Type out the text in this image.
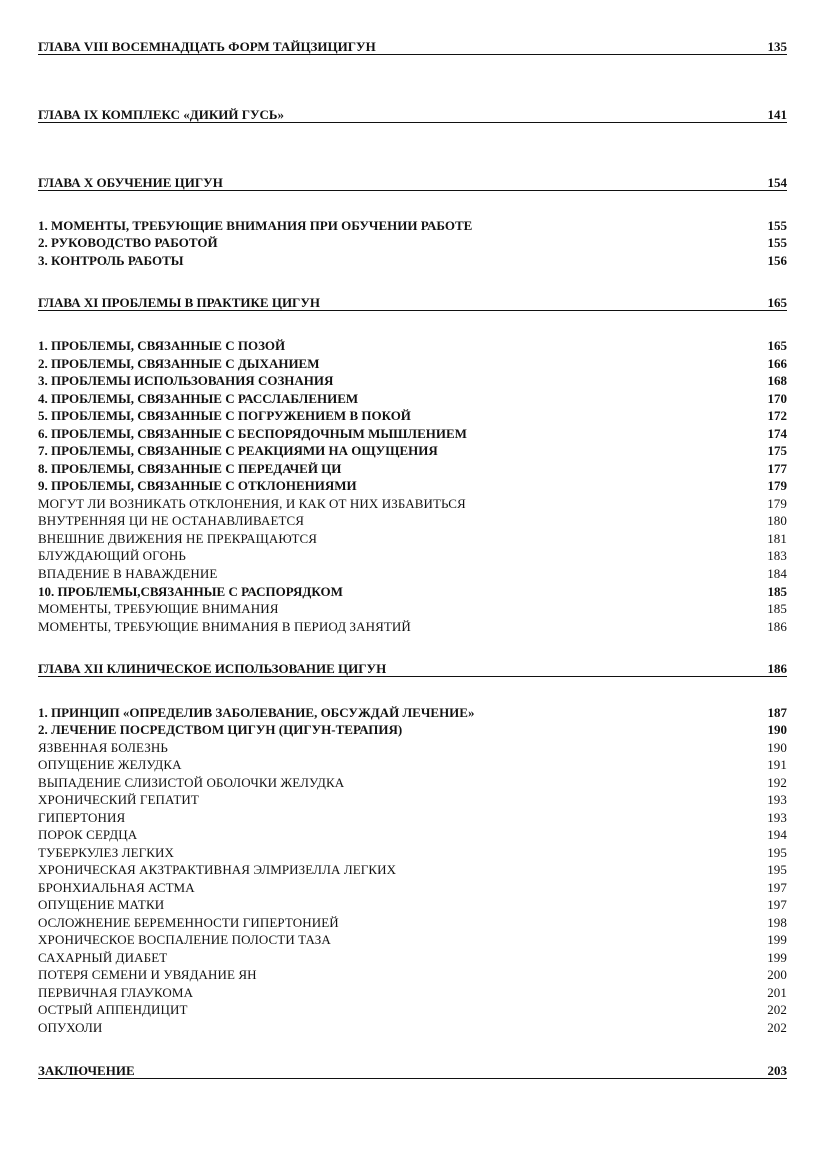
ГЛАВА VIII ВОСЕМНАДЦАТЬ ФОРМ ТАЙЦЗИЦИГУН	135
ГЛАВА IX КОМПЛЕКС «ДИКИЙ ГУСЬ»	141
ГЛАВА X ОБУЧЕНИЕ ЦИГУН	154
1. МОМЕНТЫ, ТРЕБУЮЩИЕ ВНИМАНИЯ ПРИ ОБУЧЕНИИ РАБОТЕ	155
2. РУКОВОДСТВО РАБОТОЙ	155
3. КОНТРОЛЬ РАБОТЫ	156
ГЛАВА XI ПРОБЛЕМЫ В ПРАКТИКЕ ЦИГУН	165
1. ПРОБЛЕМЫ, СВЯЗАННЫЕ С ПОЗОЙ	165
2. ПРОБЛЕМЫ, СВЯЗАННЫЕ С ДЫХАНИЕМ	166
3. ПРОБЛЕМЫ ИСПОЛЬЗОВАНИЯ СОЗНАНИЯ	168
4. ПРОБЛЕМЫ, СВЯЗАННЫЕ С РАССЛАБЛЕНИЕМ	170
5. ПРОБЛЕМЫ, СВЯЗАННЫЕ С ПОГРУЖЕНИЕМ В ПОКОЙ	172
6. ПРОБЛЕМЫ, СВЯЗАННЫЕ С БЕСПОРЯДОЧНЫМ МЫШЛЕНИЕМ	174
7. ПРОБЛЕМЫ, СВЯЗАННЫЕ С РЕАКЦИЯМИ НА ОЩУЩЕНИЯ	175
8. ПРОБЛЕМЫ, СВЯЗАННЫЕ С ПЕРЕДАЧЕЙ ЦИ	177
9. ПРОБЛЕМЫ, СВЯЗАННЫЕ С ОТКЛОНЕНИЯМИ	179
МОГУТ ЛИ ВОЗНИКАТЬ ОТКЛОНЕНИЯ, И КАК ОТ НИХ ИЗБАВИТЬСЯ	179
ВНУТРЕННЯЯ ЦИ НЕ ОСТАНАВЛИВАЕТСЯ	180
ВНЕШНИЕ ДВИЖЕНИЯ НЕ ПРЕКРАЩАЮТСЯ	181
БЛУЖДАЮЩИЙ ОГОНЬ	183
ВПАДЕНИЕ В НАВАЖДЕНИЕ	184
10. ПРОБЛЕМЫ,СВЯЗАННЫЕ С РАСПОРЯДКОМ	185
МОМЕНТЫ, ТРЕБУЮЩИЕ ВНИМАНИЯ	185
МОМЕНТЫ, ТРЕБУЮЩИЕ ВНИМАНИЯ В ПЕРИОД ЗАНЯТИЙ	186
ГЛАВА XII КЛИНИЧЕСКОЕ ИСПОЛЬЗОВАНИЕ ЦИГУН	186
1. ПРИНЦИП «ОПРЕДЕЛИВ ЗАБОЛЕВАНИЕ, ОБСУЖДАЙ ЛЕЧЕНИЕ»	187
2. ЛЕЧЕНИЕ ПОСРЕДСТВОМ ЦИГУН (ЦИГУН-ТЕРАПИЯ)	190
ЯЗВЕННАЯ БОЛЕЗНЬ	190
ОПУЩЕНИЕ ЖЕЛУДКА	191
ВЫПАДЕНИЕ СЛИЗИСТОЙ ОБОЛОЧКИ ЖЕЛУДКА	192
ХРОНИЧЕСКИЙ ГЕПАТИТ	193
ГИПЕРТОНИЯ	193
ПОРОК СЕРДЦА	194
ТУБЕРКУЛЕЗ ЛЕГКИХ	195
ХРОНИЧЕСКАЯ АКЗТРАКТИВНАЯ ЭЛМРИЗЕЛЛА ЛЕГКИХ	195
БРОНХИАЛЬНАЯ АСТМА	197
ОПУЩЕНИЕ МАТКИ	197
ОСЛОЖНЕНИЕ БЕРЕМЕННОСТИ ГИПЕРТОНИЕЙ	198
ХРОНИЧЕСКОЕ ВОСПАЛЕНИЕ ПОЛОСТИ ТАЗА	199
САХАРНЫЙ ДИАБЕТ	199
ПОТЕРЯ СЕМЕНИ И УВЯДАНИЕ ЯН	200
ПЕРВИЧНАЯ ГЛАУКОМА	201
ОСТРЫЙ АППЕНДИЦИТ	202
ОПУХОЛИ	202
ЗАКЛЮЧЕНИЕ	203
